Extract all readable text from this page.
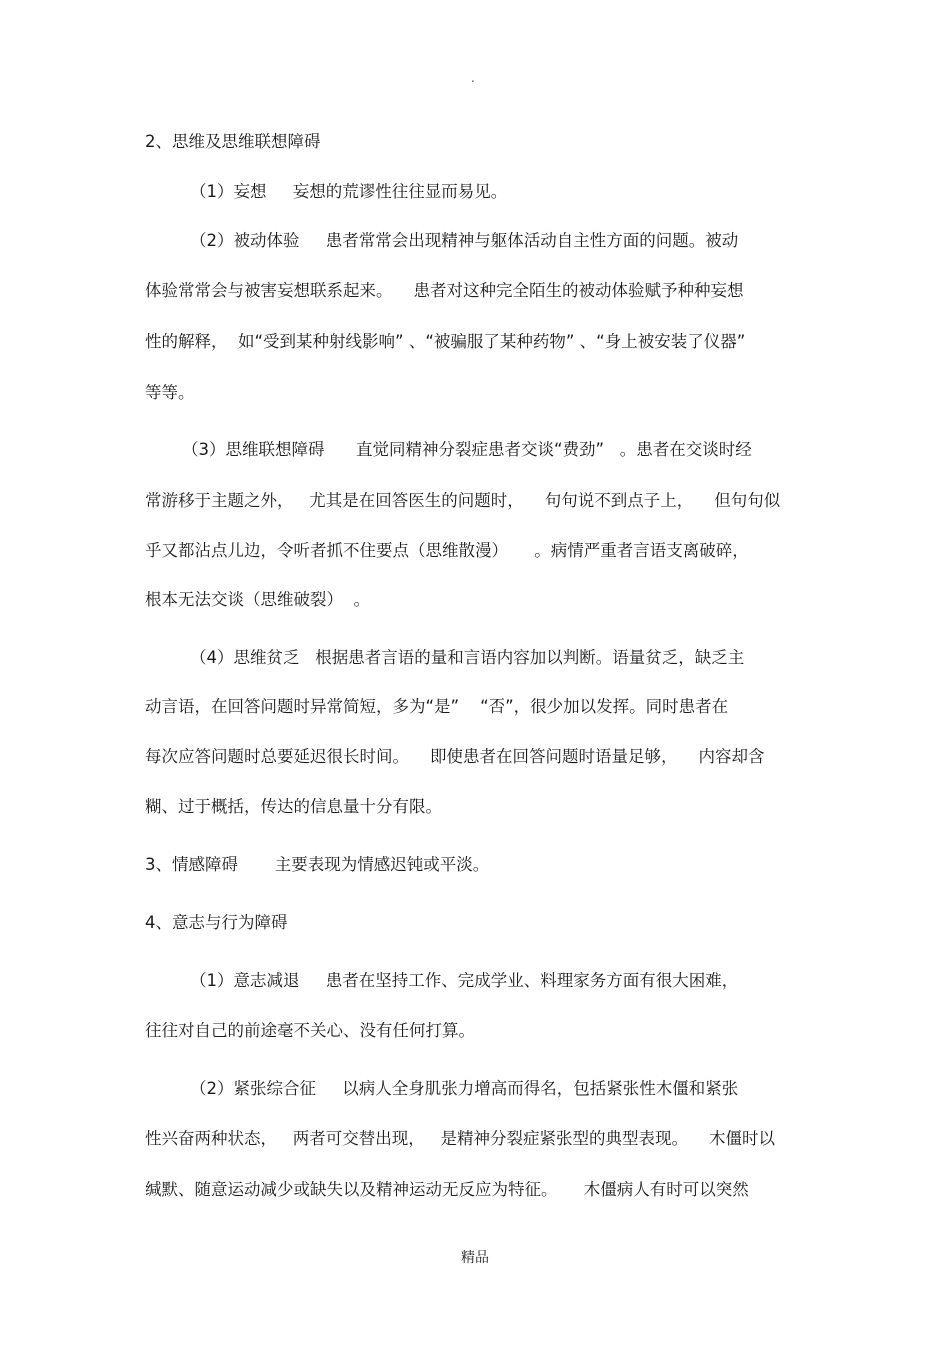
.
2、思维及思维联想障碍
（1）妄想     妄想的荒谬性往往显而易见。
（2）被动体验     患者常常会出现精神与躯体活动自主性方面的问题。被动
体验常常会与被害妄想联系起来。    患者对这种完全陌生的被动体验赋予种种妄想
性的解释，  如“受到某种射线影响” 、“被骗服了某种药物” 、“身上被安装了仪器”
等等。
（3）思维联想障碍      直觉同精神分裂症患者交谈“费劲”   。患者在交谈时经
常游移于主题之外，   尤其是在回答医生的问题时，    句句说不到点子上，    但句句似
乎又都沾点儿边，令听者抓不住要点（思维散漫）     。病情严重者言语支离破碎，
根本无法交谈（思维破裂）  。
（4）思维贫乏   根据患者言语的量和言语内容加以判断。语量贫乏，缺乏主
动言语，在回答问题时异常简短，多为“是”    “否”，很少加以发挥。同时患者在
每次应答问题时总要延迟很长时间。    即使患者在回答问题时语量足够，    内容却含
糊、过于概括，传达的信息量十分有限。
3、情感障碍       主要表现为情感迟钝或平淡。
4、意志与行为障碍
（1）意志减退     患者在坚持工作、完成学业、料理家务方面有很大困难，
往往对自己的前途毫不关心、没有任何打算。
（2）紧张综合征     以病人全身肌张力增高而得名，包括紧张性木僵和紧张
性兴奋两种状态，   两者可交替出现，   是精神分裂症紧张型的典型表现。    木僵时以
缄默、随意运动减少或缺失以及精神运动无反应为特征。     木僵病人有时可以突然
精品
